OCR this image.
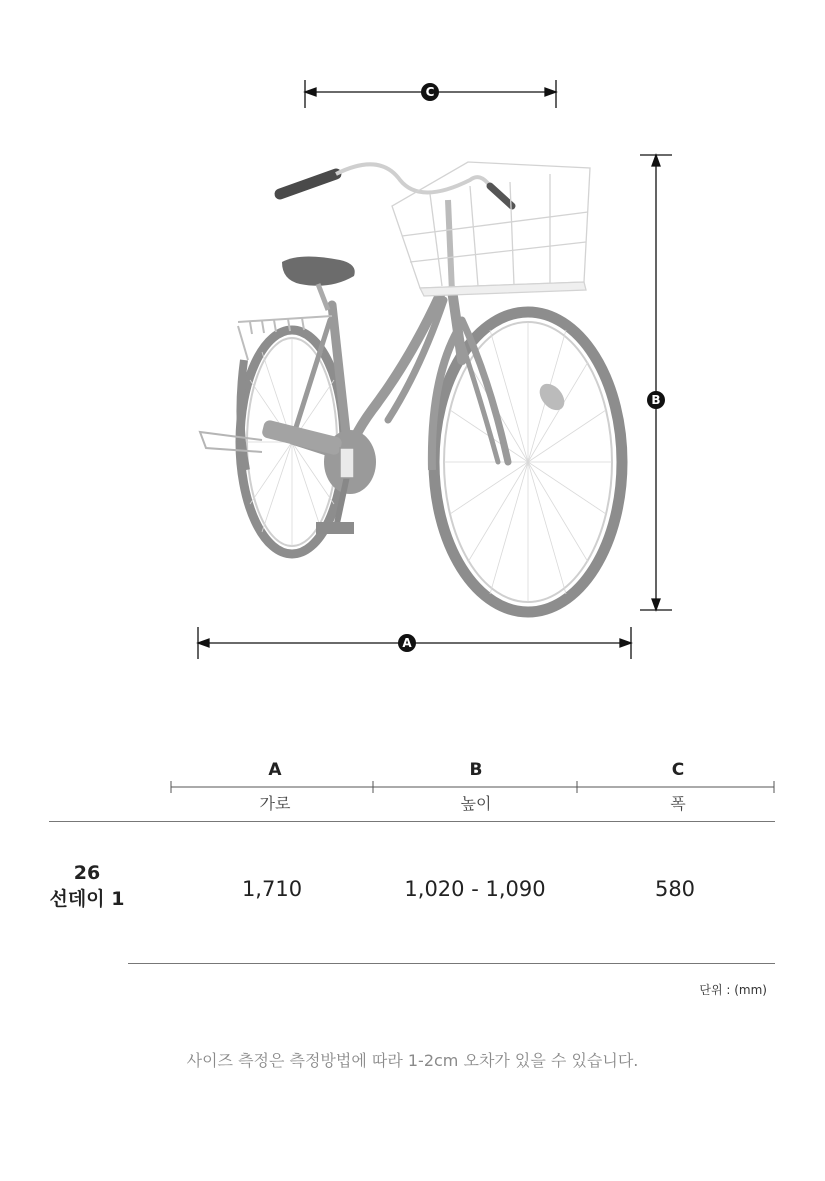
C
B
A
A	B	C
가로	높이	폭
26
선데이 1	1,710	1,020 - 1,090	580
단위 : (mm)
사이즈 측정은 측정방법에 따라 1-2cm 오차가 있을 수 있습니다.
